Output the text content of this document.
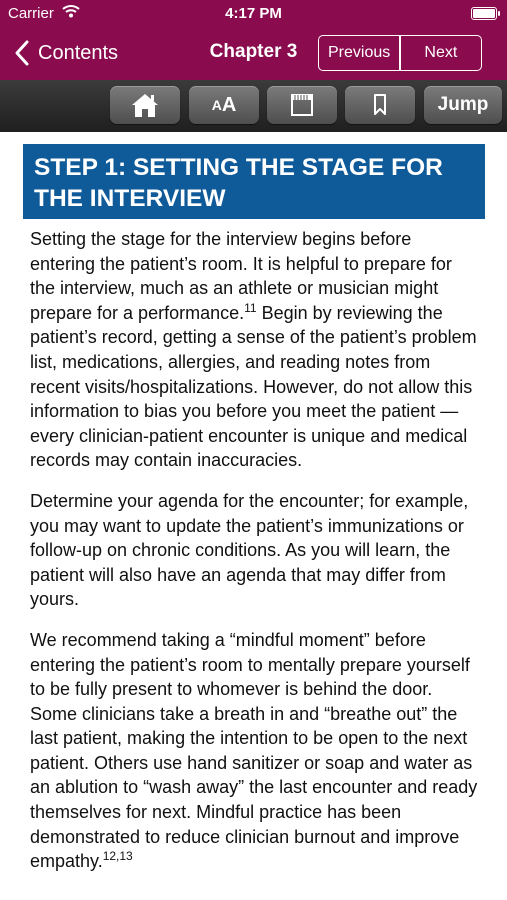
Carrier	4:17 PM
Contents	Chapter 3	Previous	Next
A A	Jump
STEP 1: SETTING THE STAGE FOR
THE INTERVIEW

Setting the stage for the interview begins before entering the patient’s room. It is helpful to prepare for the interview, much as an athlete or musician might prepare for a performance.$^{11}$ Begin by reviewing the patient’s record, getting a sense of the patient’s problem list, medications, allergies, and reading notes from recent visits/hospitalizations. However, do not allow this information to bias you before you meet the patient —every clinician-patient encounter is unique and medical records may contain inaccuracies.

Determine your agenda for the encounter; for example, you may want to update the patient’s immunizations or follow-up on chronic conditions. As you will learn, the patient will also have an agenda that may differ from yours.

We recommend taking a “mindful moment” before entering the patient’s room to mentally prepare yourself to be fully present to whomever is behind the door. Some clinicians take a breath in and “breathe out” the last patient, making the intention to be open to the next patient. Others use hand sanitizer or soap and water as an ablution to “wash away” the last encounter and ready themselves for next. Mindful practice has been demonstrated to reduce clinician burnout and improve empathy.$^{12,13}$
